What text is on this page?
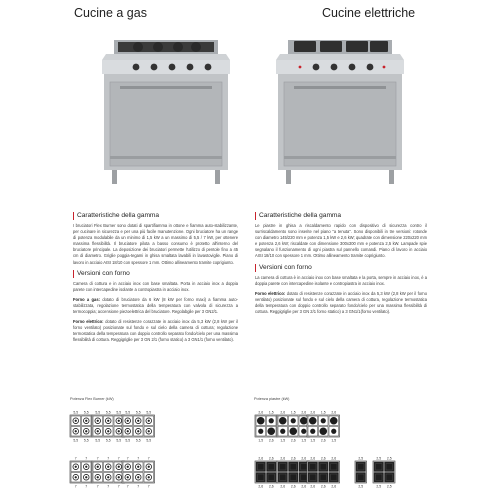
Cucine a gas	Cucine elettriche
Caratteristiche della gamma

I bruciatori Flex Burner sono dotati di spartifiamma in ottone e fiamma auto-stabilizzante, per cucinare in sicurezza e per una più facile manutenzione. Ogni bruciatore ha un range di potenza modulabile da un minimo di 1,5 kW a un massimo di 5,5 / 7 kW, per ottenere massima flessibilità. Il bruciatore pilota a basso consumo è protetto all'interno del bruciatore principale. La deposizione dei bruciatori permette l'utilizzo di pentole fino a 45 cm di diametro. Griglie poggia-tegami in ghisa smaltata lavabili in lavastoviglie. Piano di lavoro in acciaio AISI 18/10 con spessore 1 mm. Ottimo allineamento tramite coprigiunto.

Versioni con forno

Camera di cottura e in acciaio inox con base smaltata. Porta in acciaio inox a doppia parete con intercapedine isolante a contropiastra in acciaio inox.

Forno a gas: dotato di bruciatore da 6 kW (8 kW per forno maxi) a fiamma auto-stabilizzata, regolazione termostatica della temperatura con valvola di sicurezza a termocoppia; accensione piezoelettrica del bruciatore. Regolabgile per 3 GN2/1.

Forno elettrico: dotato di resistenze corazzate in acciaio inox da 5,3 kW (2,8 kW per il forno ventilato) posizionate sul fondo e sul cielo della camera di cottura; regolazione termostatica della temperatura con doppio controllo separato fondo/cielo per una massima flessibilità di cottura. Reggigriglie per 3 GN 2/1 (forno statico) a 3 GN1/1 (forno ventilato).

Caratteristiche della gamma

Le piastre in ghisa a riscaldamento rapido con dispositivo di sicurezza contro il surriscaldamento sono inserite nel piano "a tenuta". Sono disponibili in tre versioni: rotonde con diametro 145/220 mm e potenza 1,5 kW e 2,6 kW; quadrate con dimensione 220x220 mm e potenza 2,6 kW; riscaldate con dimensione 300x300 mm e potenza 2,5 kW. Lampade spie segnalano il funzionamento di ogni piastra sul pannello comandi. Piano di lavoro in acciaio AISI 18/10 con spessore 1 mm. Ottimo allineamento tramite coprigiunto.

Versioni con forno

La camera di cottura è in acciaio inox con base smaltata e la porta, sempre in acciaio inox, è a doppia parete con intercapedine isolante e contropiastra in acciaio inox.

Forno elettrico: dotato di resistenze corazzate in acciaio inox da 5,3 kW (2,8 kW per il forno ventilato) posizionate sul fondo e sul cielo della camera di cottura, regolazione termostatica della temperatura con doppio controllo separato fondo/cielo per una massima flessibilità di cottura. Reggigriglie per 3 GN 2/1 forno statico) a 3 GN1/1(forno ventilato).

Potenza Flex Burner (kW)	Potenza piastre (kW)
5,5 5,5
5,5 5,5
5,5 5,5 5,5
5,5 5,5 5,5
5,5 5,5 5,5
5,5 5,5 5,5
7	7
7	7
7	7	7
7	7	7
7	7	7
7	7	7
2,6 1,5
1,5 2,6
2,6 1,5 2,6
1,5 2,6 1,5
2,6 1,5 2,6
1,5 2,6 1,5
2,6 2,6
2,6 2,6
2,6 2,6 2,6
2,6 2,6 2,6
2,6 2,6 2,6
2,6 2,6 2,6
2,5
2,5
2,5 2,5
2,5 2,5
